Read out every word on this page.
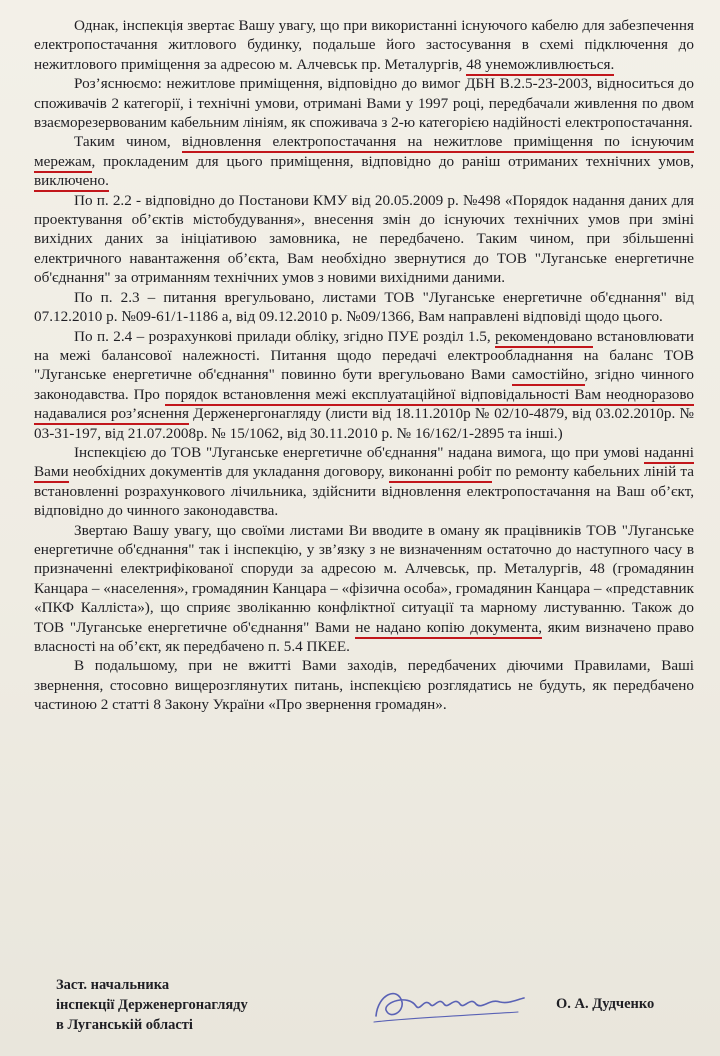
Однак, інспекція звертає Вашу увагу, що при використанні існуючого кабелю для забезпечення електропостачання житлового будинку, подальше його застосування в схемі підключення до нежитлового приміщення за адресою м. Алчевськ пр. Металургів, 48 унеможливлюється.

Роз’яснюємо: нежитлове приміщення, відповідно до вимог ДБН В.2.5-23-2003, відноситься до споживачів 2 категорії, і технічні умови, отримані Вами у 1997 році, передбачали живлення по двом взаєморезервованим кабельним лініям, як споживача з 2-ю категорією надійності електропостачання.

Таким чином, відновлення електропостачання на нежитлове приміщення по існуючим мережам, прокладеним для цього приміщення, відповідно до раніш отриманих технічних умов, виключено.

По п. 2.2 - відповідно до Постанови КМУ від 20.05.2009 р. №498 «Порядок надання даних для проектування об’єктів містобудування», внесення змін до існуючих технічних умов при зміні вихідних даних за ініціативою замовника, не передбачено. Таким чином, при збільшенні електричного навантаження об’єкта, Вам необхідно звернутися до ТОВ "Луганське енергетичне об'єднання" за отриманням технічних умов з новими вихідними даними.

По п. 2.3 – питання врегульовано, листами ТОВ "Луганське енергетичне об'єднання" від 07.12.2010 р. №09-61/1-1186 а, від 09.12.2010 р. №09/1366, Вам направлені відповіді щодо цього.

По п. 2.4 – розрахункові прилади обліку, згідно ПУЕ розділ 1.5, рекомендовано встановлювати на межі балансової належності. Питання щодо передачі електрообладнання на баланс ТОВ "Луганське енергетичне об'єднання" повинно бути врегульовано Вами самостійно, згідно чинного законодавства. Про порядок встановлення межі експлуатаційної відповідальності Вам неодноразово надавалися роз’яснення Держенергонагляду (листи від 18.11.2010р № 02/10-4879, від 03.02.2010р. № 03-31-197, від 21.07.2008р. № 15/1062, від 30.11.2010 р. № 16/162/1-2895 та інші.)

Інспекцією до ТОВ "Луганське енергетичне об'єднання" надана вимога, що при умові наданні Вами необхідних документів для укладання договору, виконанні робіт по ремонту кабельних ліній та встановленні розрахункового лічильника, здійснити відновлення електропостачання на Ваш об’єкт, відповідно до чинного законодавства.

Звертаю Вашу увагу, що своїми листами Ви вводите в оману як працівників ТОВ "Луганське енергетичне об'єднання" так і інспекцію, у зв’язку з не визначенням остаточно до наступного часу в призначенні електрифікованої споруди за адресою м. Алчевськ, пр. Металургів, 48 (громадянин Канцара – «населення», громадянин Канцара – «фізична особа», громадянин Канцара – «представник «ПКФ Калліста»), що сприяє зволіканню конфліктної ситуації та марному листуванню. Також до ТОВ "Луганське енергетичне об'єднання" Вами не надано копію документа, яким визначено право власності на об’єкт, як передбачено п. 5.4 ПКЕЕ.

В подальшому, при не вжитті Вами заходів, передбачених діючими Правилами, Ваші звернення, стосовно вищерозглянутих питань, інспекцією розглядатись не будуть, як передбачено частиною 2 статті 8 Закону України «Про звернення громадян».

Заст. начальника
інспекції Держенергонагляду
в Луганській області
О. А. Дудченко
